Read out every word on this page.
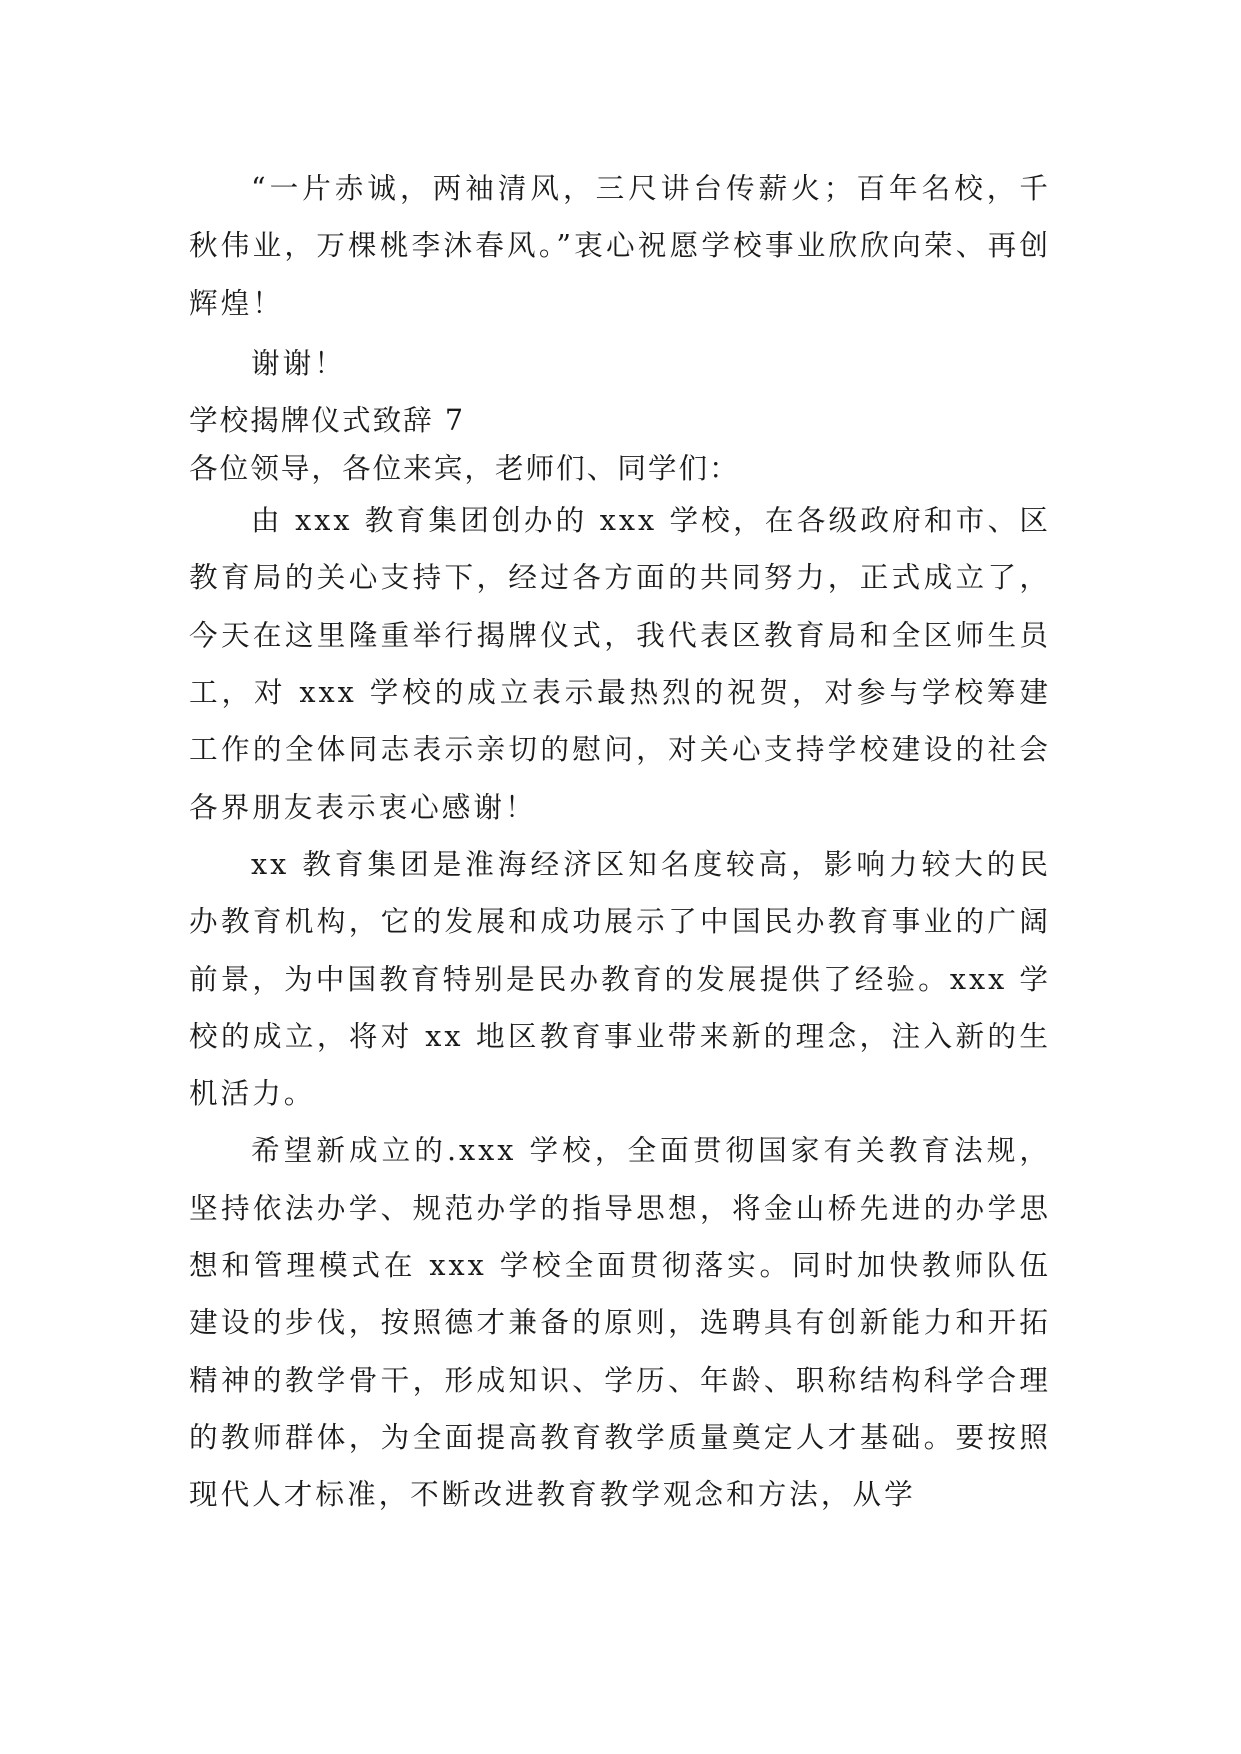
“一片赤诚，两袖清风，三尺讲台传薪火；百年名校，千秋伟业，万棵桃李沐春风。”衷心祝愿学校事业欣欣向荣、再创辉煌！

谢谢！

学校揭牌仪式致辞 7

各位领导，各位来宾，老师们、同学们：

由 xxx 教育集团创办的 xxx 学校，在各级政府和市、区教育局的关心支持下，经过各方面的共同努力，正式成立了，今天在这里隆重举行揭牌仪式，我代表区教育局和全区师生员工，对 xxx 学校的成立表示最热烈的祝贺，对参与学校筹建工作的全体同志表示亲切的慰问，对关心支持学校建设的社会各界朋友表示衷心感谢！

xx 教育集团是淮海经济区知名度较高，影响力较大的民办教育机构，它的发展和成功展示了中国民办教育事业的广阔前景，为中国教育特别是民办教育的发展提供了经验。xxx 学校的成立，将对 xx 地区教育事业带来新的理念，注入新的生机活力。

希望新成立的.xxx 学校，全面贯彻国家有关教育法规，坚持依法办学、规范办学的指导思想，将金山桥先进的办学思想和管理模式在 xxx 学校全面贯彻落实。同时加快教师队伍建设的步伐，按照德才兼备的原则，选聘具有创新能力和开拓精神的教学骨干，形成知识、学历、年龄、职称结构科学合理的教师群体，为全面提高教育教学质量奠定人才基础。要按照现代人才标准，不断改进教育教学观念和方法，从学
